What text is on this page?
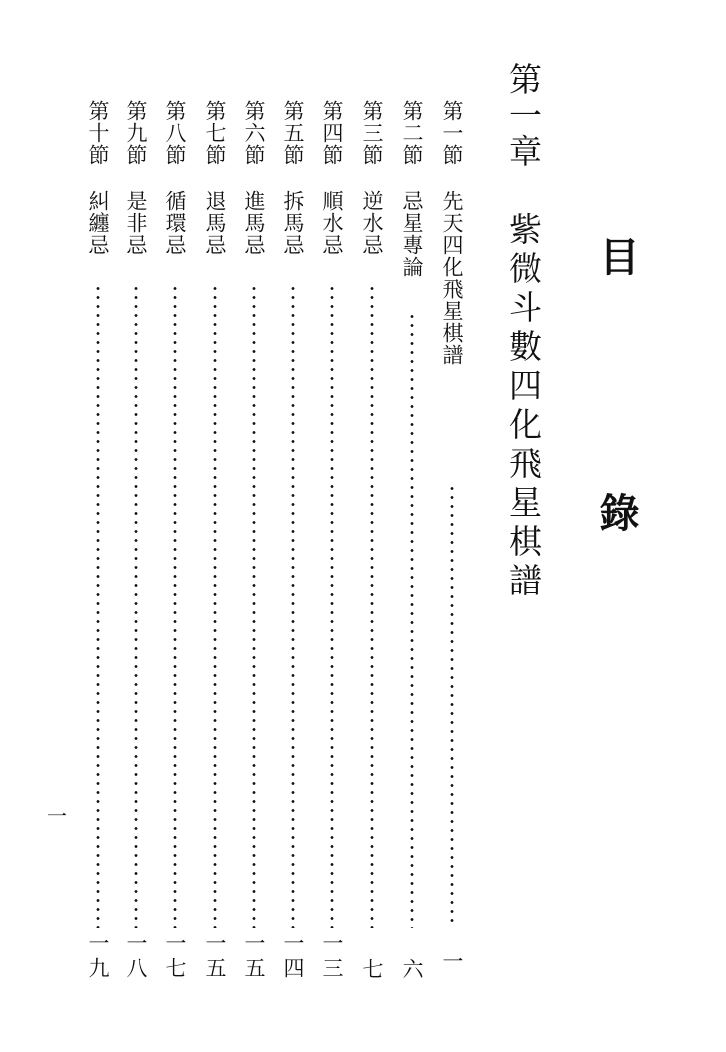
目　錄
第一章
紫微斗數四化飛星棋譜
第一節
先天四化飛星棋譜
一
第二節
忌星專論
六
第三節
逆水忌
七
第四節
順水忌
一三
第五節
拆馬忌
一四
第六節
進馬忌
一五
第七節
退馬忌
一五
第八節
循環忌
一七
第九節
是非忌
一八
第十節
糾纏忌
一九
一
